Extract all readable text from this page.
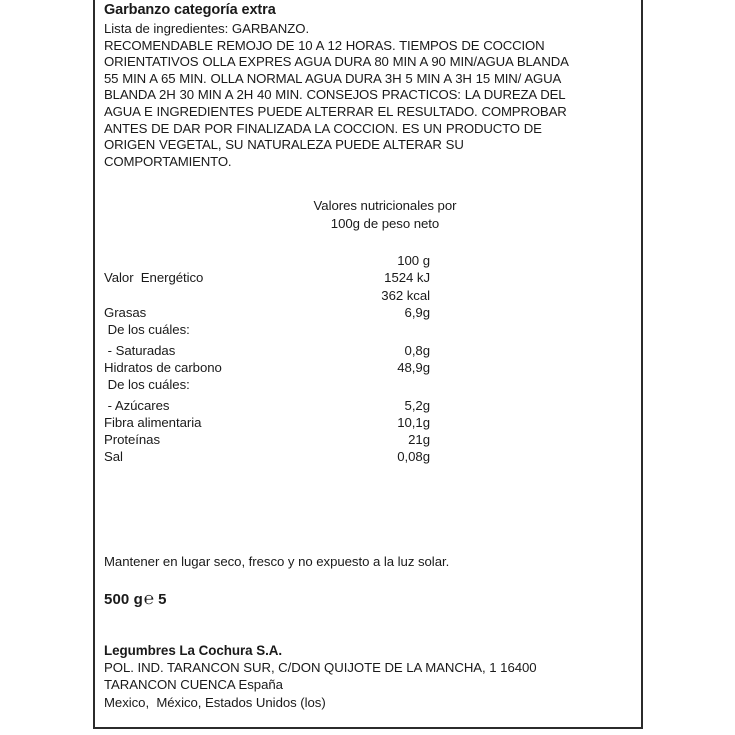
Garbanzo categoría extra

Lista de ingredientes: GARBANZO.

RECOMENDABLE REMOJO DE 10 A 12 HORAS. TIEMPOS DE COCCION
ORIENTATIVOS OLLA EXPRES AGUA DURA 80 MIN A 90 MIN/AGUA BLANDA
55 MIN A 65 MIN. OLLA NORMAL AGUA DURA 3H 5 MIN A 3H 15 MIN/ AGUA
BLANDA 2H 30 MIN A 2H 40 MIN. CONSEJOS PRACTICOS: LA DUREZA DEL
AGUA E INGREDIENTES PUEDE ALTERRAR EL RESULTADO. COMPROBAR
ANTES DE DAR POR FINALIZADA LA COCCION. ES UN PRODUCTO DE
ORIGEN VEGETAL, SU NATURALEZA PUEDE ALTERAR SU
COMPORTAMIENTO.

Valores nutricionales por
100g de peso neto
	100 g
Valor  Energético	1524 kJ
	362 kcal
Grasas	6,9g
De los cuáles:	
- Saturadas	0,8g
Hidratos de carbono	48,9g
De los cuáles:	
- Azúcares	5,2g
Fibra alimentaria	10,1g
Proteínas	21g
Sal	0,08g
Mantener en lugar seco, fresco y no expuesto a la luz solar.
500 g℮ 5
Legumbres La Cochura S.A.
POL. IND. TARANCON SUR, C/DON QUIJOTE DE LA MANCHA, 1 16400
TARANCON CUENCA España
Mexico,  México, Estados Unidos (los)
